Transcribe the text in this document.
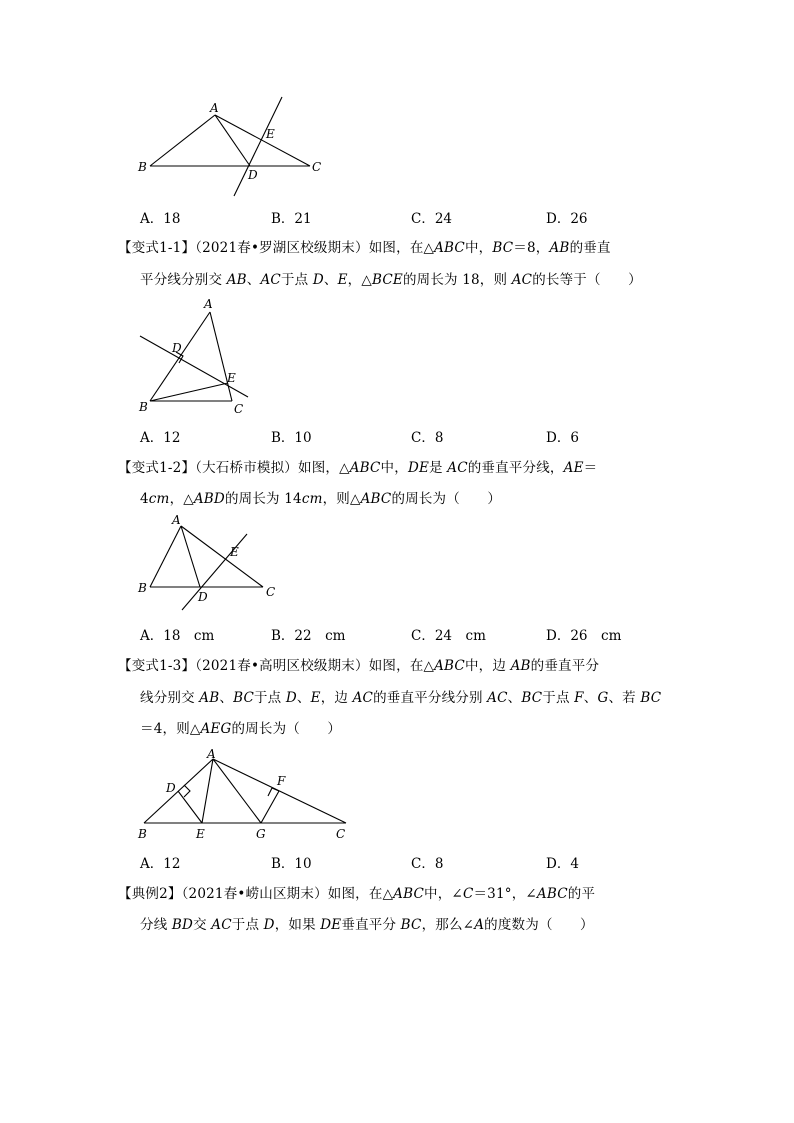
A
B	C
D
E
A．18	B．21	C．24	D．26
【变式1-1】（2021春•罗湖区校级期末）如图，在△ABC中，BC＝8，AB的垂直
平分线分别交 AB、AC于点 D、E，△BCE的周长为 18，则 AC的长等于（　　）
A
B	C
D
E
A．12	B．10	C．8	D．6
【变式1-2】（大石桥市模拟）如图，△ABC中，DE是 AC的垂直平分线，AE＝
4cm，△ABD的周长为 14cm，则△ABC的周长为（　　）
A
B	C
D
E
A．18　cm	B．22　cm	C．24　cm	D．26　cm
【变式1-3】（2021春•高明区校级期末）如图，在△ABC中，边 AB的垂直平分
线分别交 AB、BC于点 D、E，边 AC的垂直平分线分别 AC、BC于点 F、G、若 BC
＝4，则△AEG的周长为（　　）
A
B	C
D
E
F
G
A．12	B．10	C．8	D．4
【典例2】（2021春•崂山区期末）如图，在△ABC中，∠C＝31°，∠ABC的平
分线 BD交 AC于点 D，如果 DE垂直平分 BC，那么∠A的度数为（　　）
